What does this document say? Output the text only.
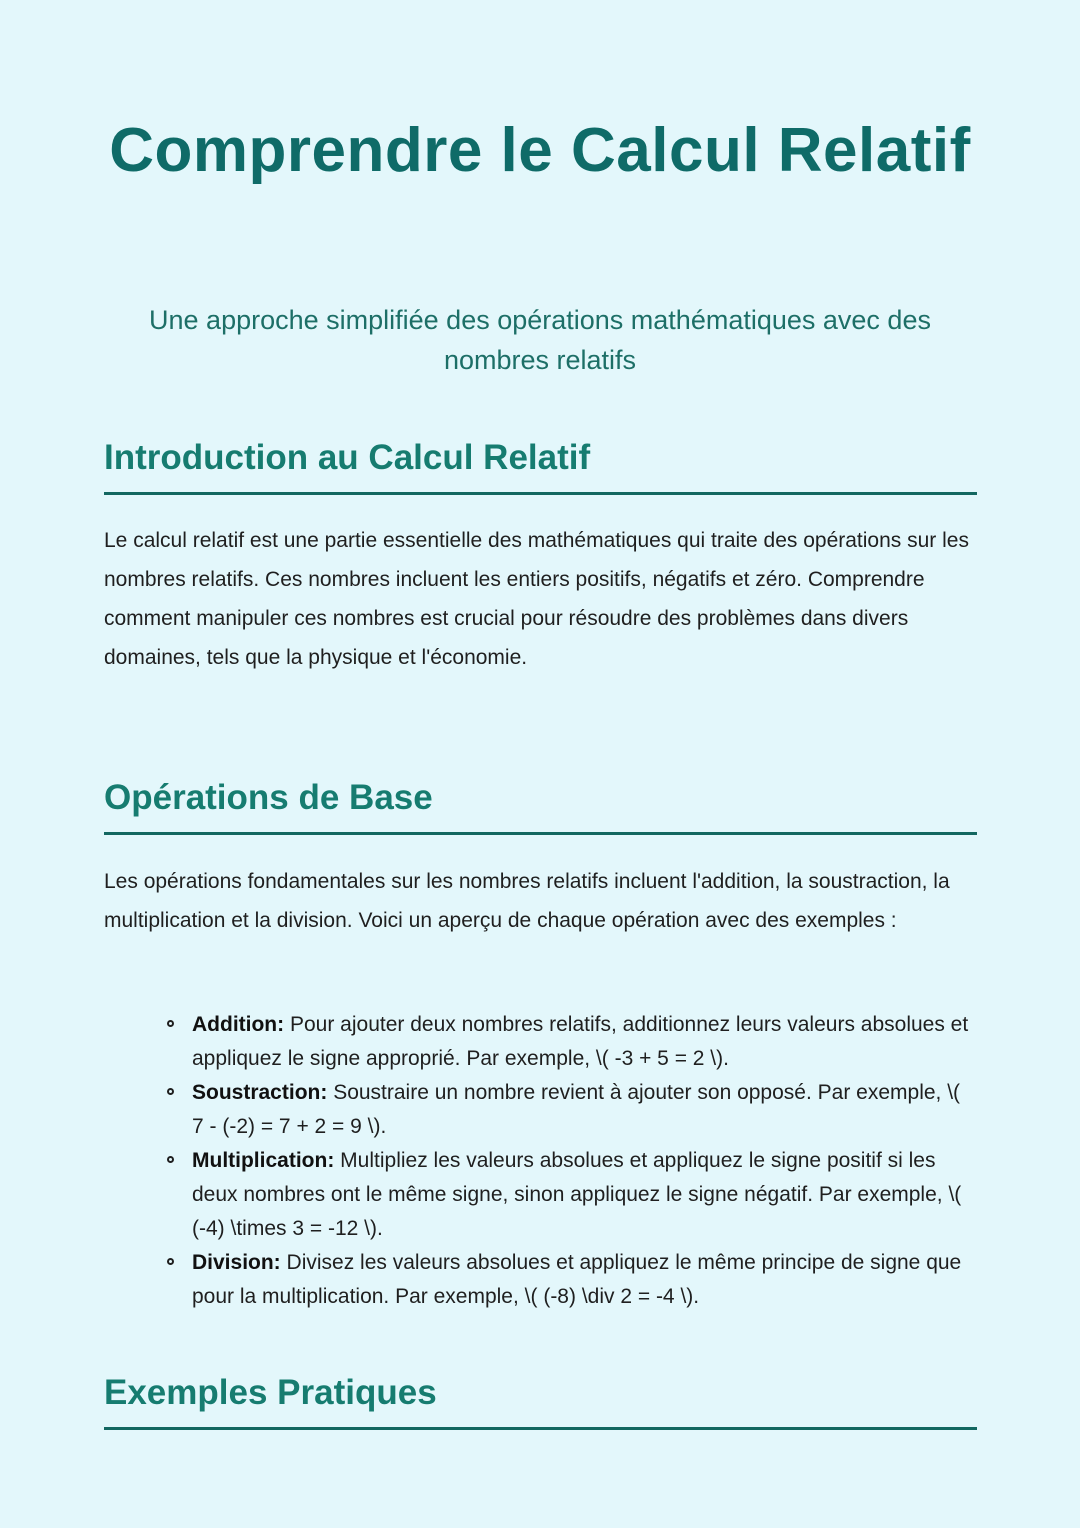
Comprendre le Calcul Relatif

Une approche simplifiée des opérations mathématiques avec des nombres relatifs

Introduction au Calcul Relatif

Le calcul relatif est une partie essentielle des mathématiques qui traite des opérations sur les nombres relatifs. Ces nombres incluent les entiers positifs, négatifs et zéro. Comprendre comment manipuler ces nombres est crucial pour résoudre des problèmes dans divers domaines, tels que la physique et l'économie.

Opérations de Base

Les opérations fondamentales sur les nombres relatifs incluent l'addition, la soustraction, la multiplication et la division. Voici un aperçu de chaque opération avec des exemples :

Addition: Pour ajouter deux nombres relatifs, additionnez leurs valeurs absolues et appliquez le signe approprié. Par exemple, \( -3 + 5 = 2 \).
Soustraction: Soustraire un nombre revient à ajouter son opposé. Par exemple, \( 7 - (-2) = 7 + 2 = 9 \).
Multiplication: Multipliez les valeurs absolues et appliquez le signe positif si les deux nombres ont le même signe, sinon appliquez le signe négatif. Par exemple, \( (-4) \times 3 = -12 \).
Division: Divisez les valeurs absolues et appliquez le même principe de signe que pour la multiplication. Par exemple, \( (-8) \div 2 = -4 \).
Exemples Pratiques
